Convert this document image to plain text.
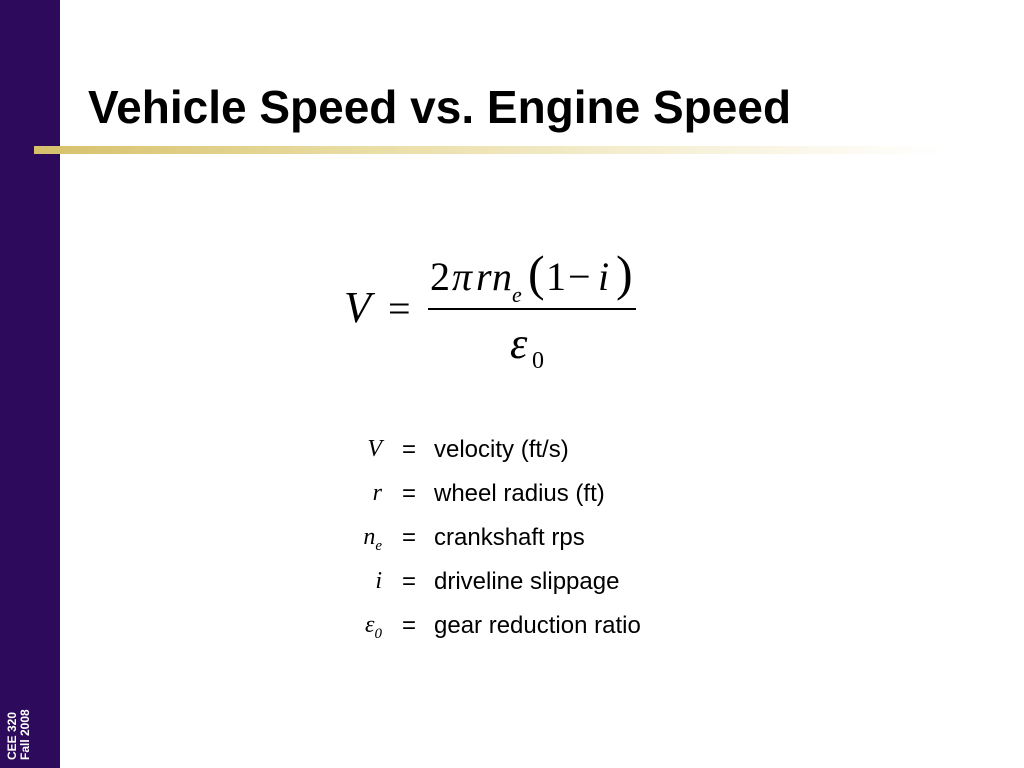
CEE 320 Fall 2008
Vehicle Speed vs. Engine Speed
V =
2 π r n e ( 1 − i )
ε 0
V = velocity (ft/s)
r = wheel radius (ft)
$n_e$ = crankshaft rps
i = driveline slippage
$\varepsilon_0$ = gear reduction ratio
